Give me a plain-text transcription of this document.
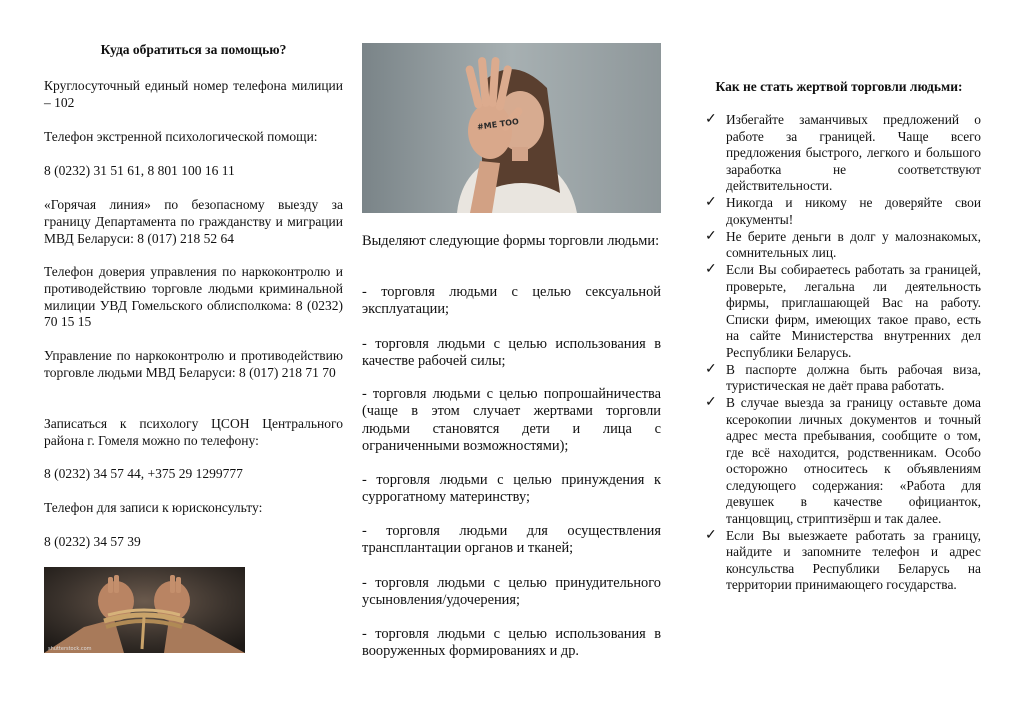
Куда обратиться за помощью?

Круглосуточный единый номер телефона милиции – 102

Телефон экстренной психологической помощи:

8 (0232) 31 51 61, 8 801 100 16 11

«Горячая линия» по безопасному выезду за границу Департамента по гражданству и миграции МВД Беларуси: 8 (017) 218 52 64

Телефон доверия управления по наркоконтролю и противодействию торговле людьми криминальной милиции УВД Гомельского облисполкома: 8 (0232) 70 15 15

Управление по наркоконтролю и противодействию торговле людьми МВД Беларуси: 8 (017) 218 71 70

Записаться к психологу ЦСОН Центрального района г. Гомеля можно по телефону:

8 (0232) 34 57 44, +375 29 1299777

Телефон для записи к юрисконсульту:

8 (0232) 34 57 39

shutterstock.com
#ME TOO

Выделяют следующие формы торговли людьми:

- торговля людьми с целью сексуальной эксплуатации;

- торговля людьми с целью использования в качестве рабочей силы;

- торговля людьми с целью попрошайничества (чаще в этом случает жертвами торговли людьми становятся дети и лица с ограниченными возможностями);

- торговля людьми с целью принуждения к суррогатному материнству;

- торговля людьми для осуществления трансплантации органов и тканей;

- торговля людьми с целью принудительного усыновления/удочерения;

- торговля людьми с целью использования в вооруженных формированиях и др.

Как не стать жертвой торговли людьми:
✓ Избегайте заманчивых предложений о работе за границей. Чаще всего предложения быстрого, легкого и большого заработка не соответствуют действительности.
✓ Никогда и никому не доверяйте свои документы!
✓ Не берите деньги в долг у малознакомых, сомнительных лиц.
✓ Если Вы собираетесь работать за границей, проверьте, легальна ли деятельность фирмы, приглашающей Вас на работу. Списки фирм, имеющих такое право, есть на сайте Министерства внутренних дел Республики Беларусь.
✓ В паспорте должна быть рабочая виза, туристическая не даёт права работать.
✓ В случае выезда за границу оставьте дома ксерокопии личных документов и точный адрес места пребывания, сообщите о том, где всё находится, родственникам. Особо осторожно относитесь к объявлениям следующего содержания: «Работа для девушек в качестве официанток, танцовщиц, стриптизёрш и так далее.
✓ Если Вы выезжаете работать за границу, найдите и запомните телефон и адрес консульства Республики Беларусь на территории принимающего государства.
